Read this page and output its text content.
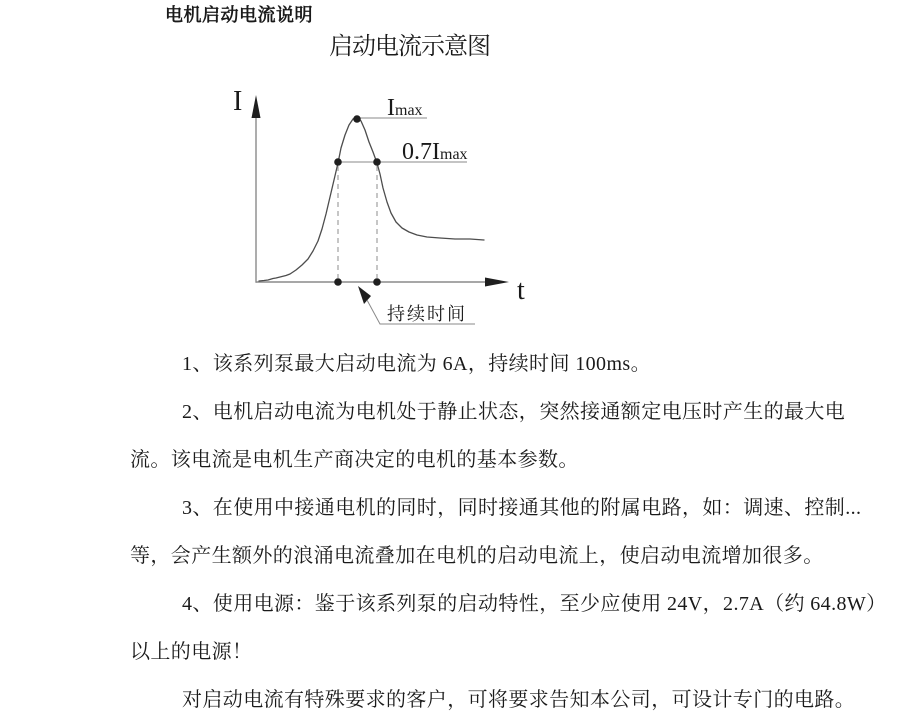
电机启动电流说明
启动电流示意图
I
t
Imax
0.7Imax
持续时间
1、该系列泵最大启动电流为 6A，持续时间 100ms。
2、电机启动电流为电机处于静止状态，突然接通额定电压时产生的最大电
流。该电流是电机生产商决定的电机的基本参数。
3、在使用中接通电机的同时，同时接通其他的附属电路，如：调速、控制...
等，会产生额外的浪涌电流叠加在电机的启动电流上，使启动电流增加很多。
4、使用电源：鉴于该系列泵的启动特性，至少应使用 24V，2.7A（约 64.8W）
以上的电源！
对启动电流有特殊要求的客户，可将要求告知本公司，可设计专门的电路。
